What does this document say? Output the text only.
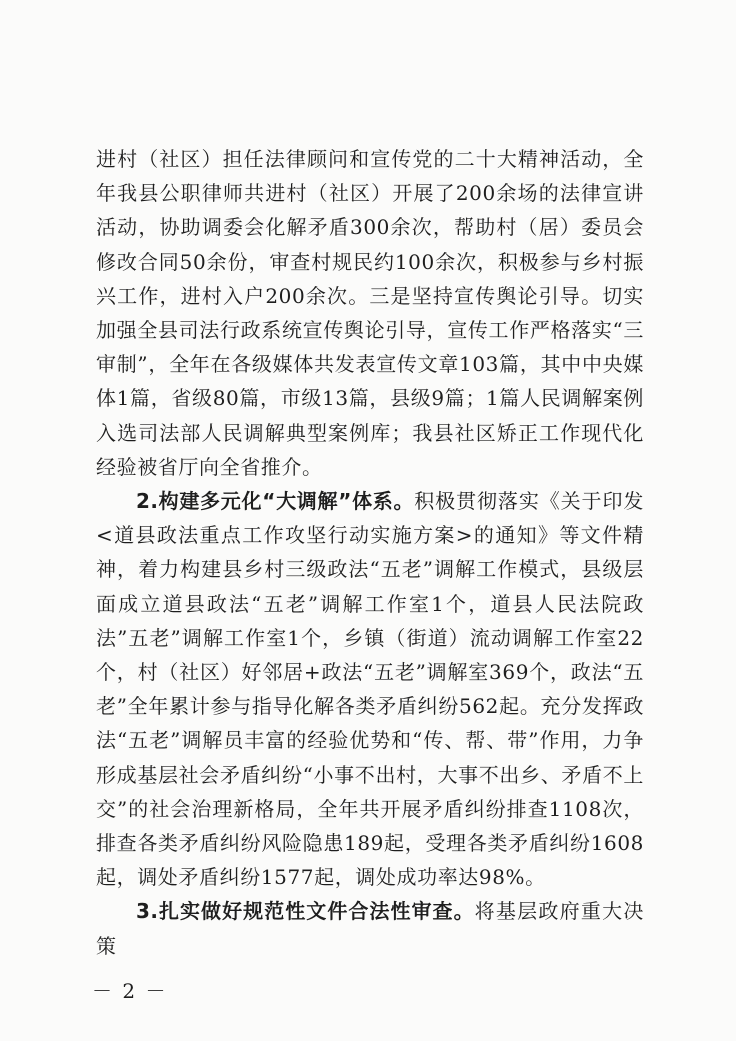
进村（社区）担任法律顾问和宣传党的二十大精神活动，全年我县公职律师共进村（社区）开展了200余场的法律宣讲活动，协助调委会化解矛盾300余次，帮助村（居）委员会修改合同50余份，审查村规民约100余次，积极参与乡村振兴工作，进村入户200余次。三是坚持宣传舆论引导。切实加强全县司法行政系统宣传舆论引导，宣传工作严格落实“三审制”，全年在各级媒体共发表宣传文章103篇，其中中央媒体1篇，省级80篇，市级13篇，县级9篇；1篇人民调解案例入选司法部人民调解典型案例库；我县社区矫正工作现代化经验被省厅向全省推介。

2.构建多元化“大调解”体系。积极贯彻落实《关于印发<道县政法重点工作攻坚行动实施方案>的通知》等文件精神，着力构建县乡村三级政法“五老”调解工作模式，县级层面成立道县政法“五老”调解工作室1个，道县人民法院政法”五老”调解工作室1个，乡镇（街道）流动调解工作室22个，村（社区）好邻居+政法“五老”调解室369个，政法“五老”全年累计参与指导化解各类矛盾纠纷562起。充分发挥政法“五老”调解员丰富的经验优势和“传、帮、带”作用，力争形成基层社会矛盾纠纷“小事不出村，大事不出乡、矛盾不上交”的社会治理新格局，全年共开展矛盾纠纷排查1108次，排查各类矛盾纠纷风险隐患189起，受理各类矛盾纠纷1608起，调处矛盾纠纷1577起，调处成功率达98%。

3.扎实做好规范性文件合法性审查。将基层政府重大决策

－ 2 －
